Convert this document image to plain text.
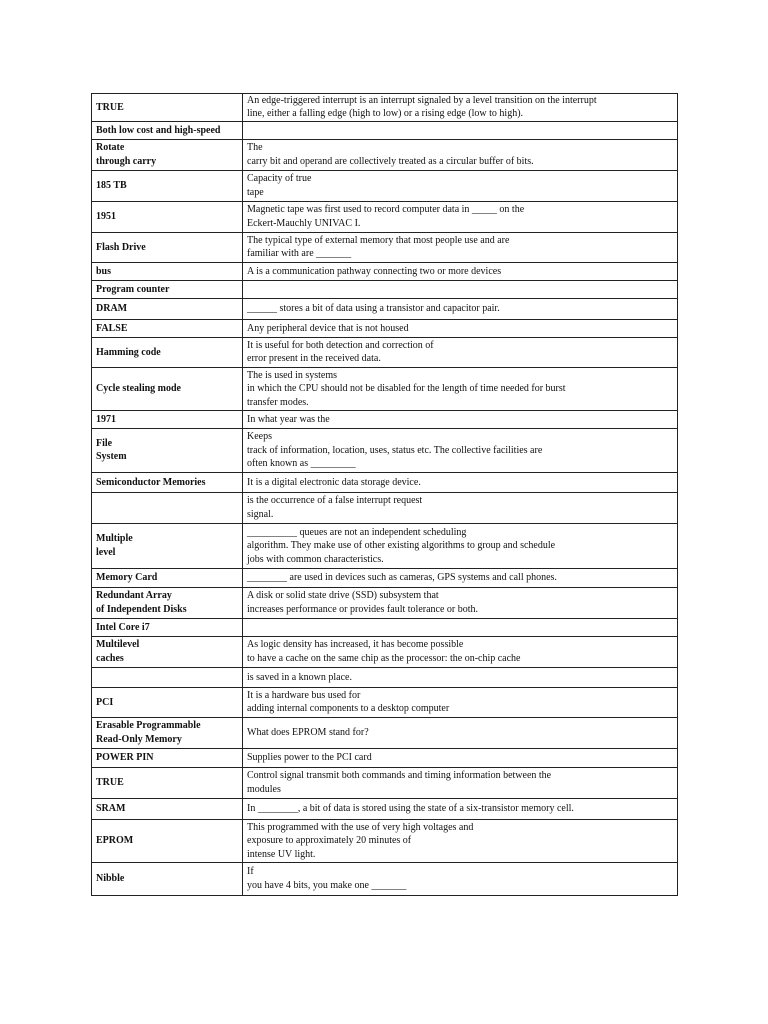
TRUE	An edge-triggered interrupt is an interrupt signaled by a level transition on the interrupt
line, either a falling edge (high to low) or a rising edge (low to high).
Both low cost and high-speed	
Rotate
through carry	The
carry bit and operand are collectively treated as a circular buffer of bits.
185 TB	Capacity of true
tape
1951	Magnetic tape was first used to record computer data in _____ on the
Eckert-Mauchly UNIVAC I.
Flash Drive	The typical type of external memory that most people use and are
familiar with are _______
bus	A is a communication pathway connecting two or more devices
Program counter	
DRAM	______ stores a bit of data using a transistor and capacitor pair.
FALSE	Any peripheral device that is not housed
Hamming code	It is useful for both detection and correction of
error present in the received data.
Cycle stealing mode	The is used in systems
in which the CPU should not be disabled for the length of time needed for burst
transfer modes.
1971	In what year was the
File
System	Keeps
track of information, location, uses, status etc. The collective facilities are
often known as _________
Semiconductor Memories	It is a digital electronic data storage device.
	is the occurrence of a false interrupt request
signal.
Multiple
level	__________ queues are not an independent scheduling
algorithm. They make use of other existing algorithms to group and schedule
jobs with common characteristics.
Memory Card	________ are used in devices such as cameras, GPS systems and call phones.
Redundant Array
of Independent Disks	A disk or solid state drive (SSD) subsystem that
increases performance or provides fault tolerance or both.
Intel Core i7	
Multilevel
caches	As logic density has increased, it has become possible
to have a cache on the same chip as the processor: the on-chip cache
	is saved in a known place.
PCI	It is a hardware bus used for
adding internal components to a desktop computer
Erasable Programmable
Read-Only Memory	What does EPROM stand for?
POWER PIN	Supplies power to the PCI card
TRUE	Control signal transmit both commands and timing information between the
modules
SRAM	In ________, a bit of data is stored using the state of a six-transistor memory cell.
EPROM	This programmed with the use of very high voltages and
exposure to approximately 20 minutes of
intense UV light.
Nibble	If
you have 4 bits, you make one _______
